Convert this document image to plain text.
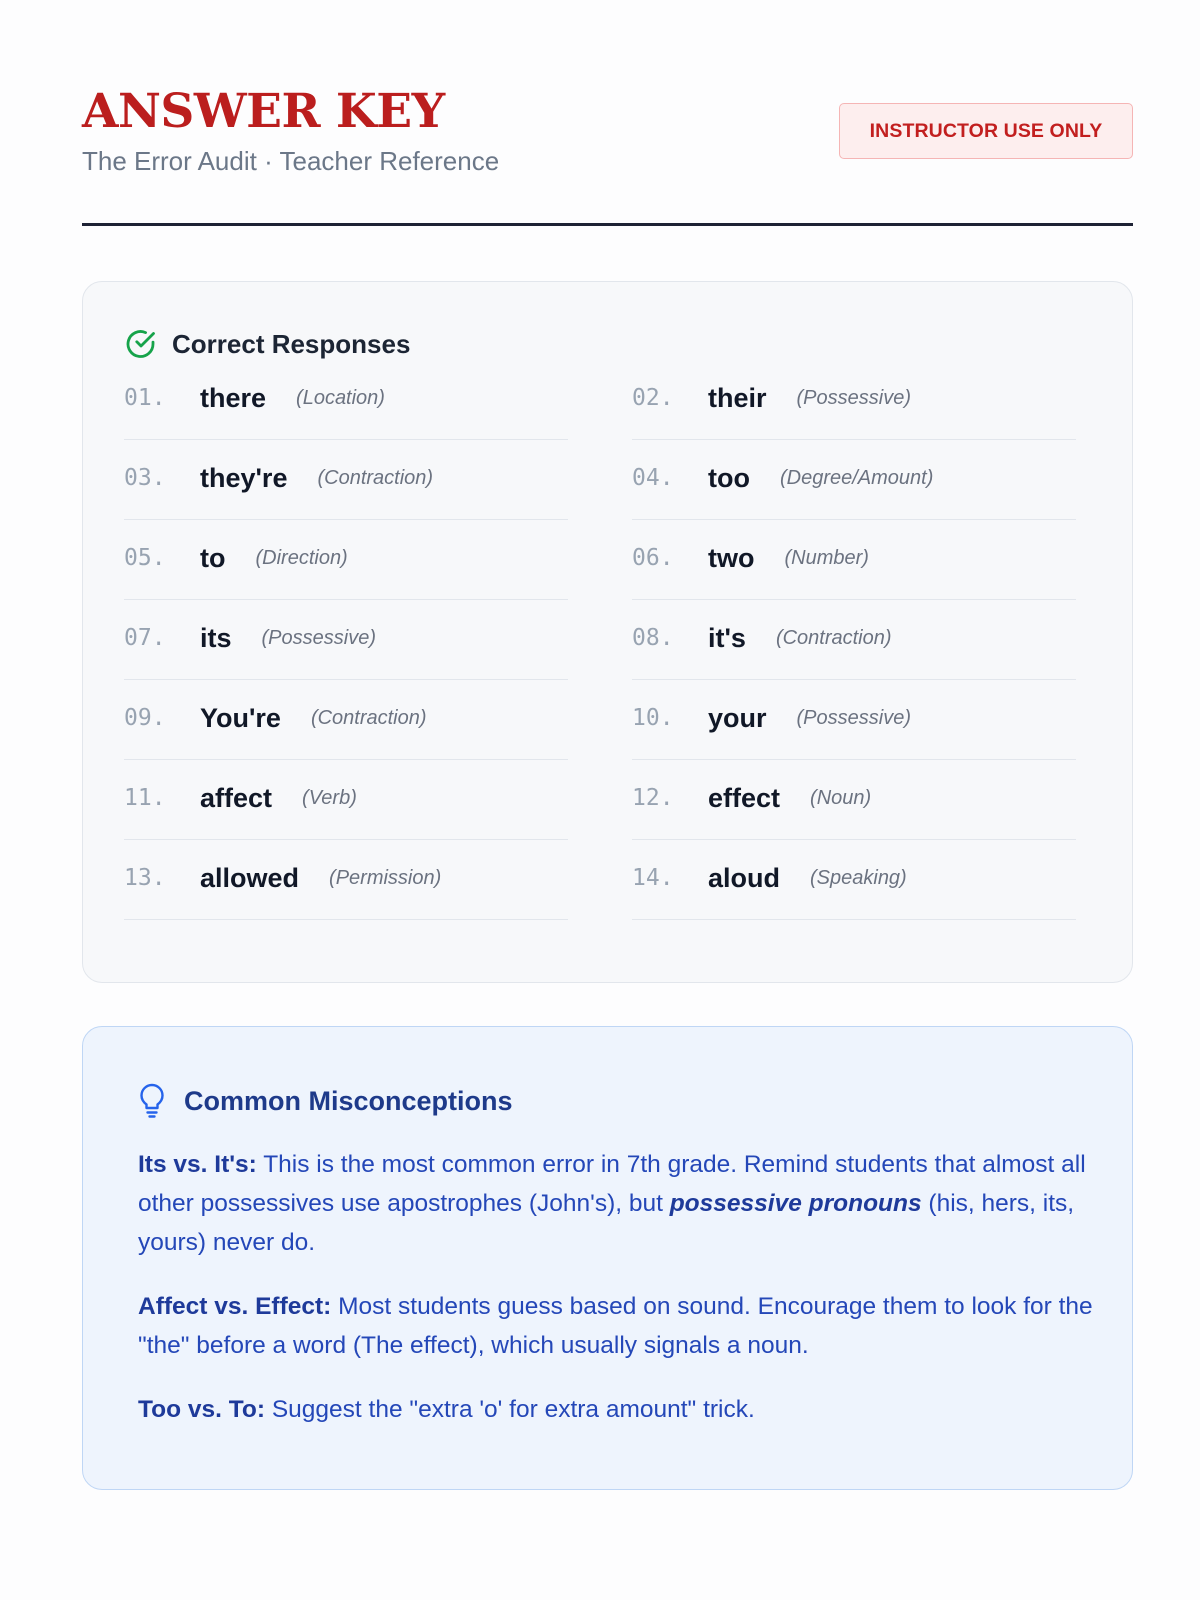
ANSWER KEY
The Error Audit · Teacher Reference
INSTRUCTOR USE ONLY
Correct Responses
01.	there (Location)	02.	their (Possessive)
03.	they're (Contraction)	04.	too (Degree/Amount)
05.	to (Direction)	06.	two (Number)
07.	its (Possessive)	08.	it's (Contraction)
09.	You're (Contraction)	10.	your (Possessive)
11.	affect (Verb)	12.	effect (Noun)
13.	allowed (Permission)	14.	aloud (Speaking)
Common Misconceptions

Its vs. It's: This is the most common error in 7th grade. Remind students that almost all other possessives use apostrophes (John's), but possessive pronouns (his, hers, its, yours) never do.

Affect vs. Effect: Most students guess based on sound. Encourage them to look for the "the" before a word (The effect), which usually signals a noun.

Too vs. To: Suggest the "extra 'o' for extra amount" trick.
